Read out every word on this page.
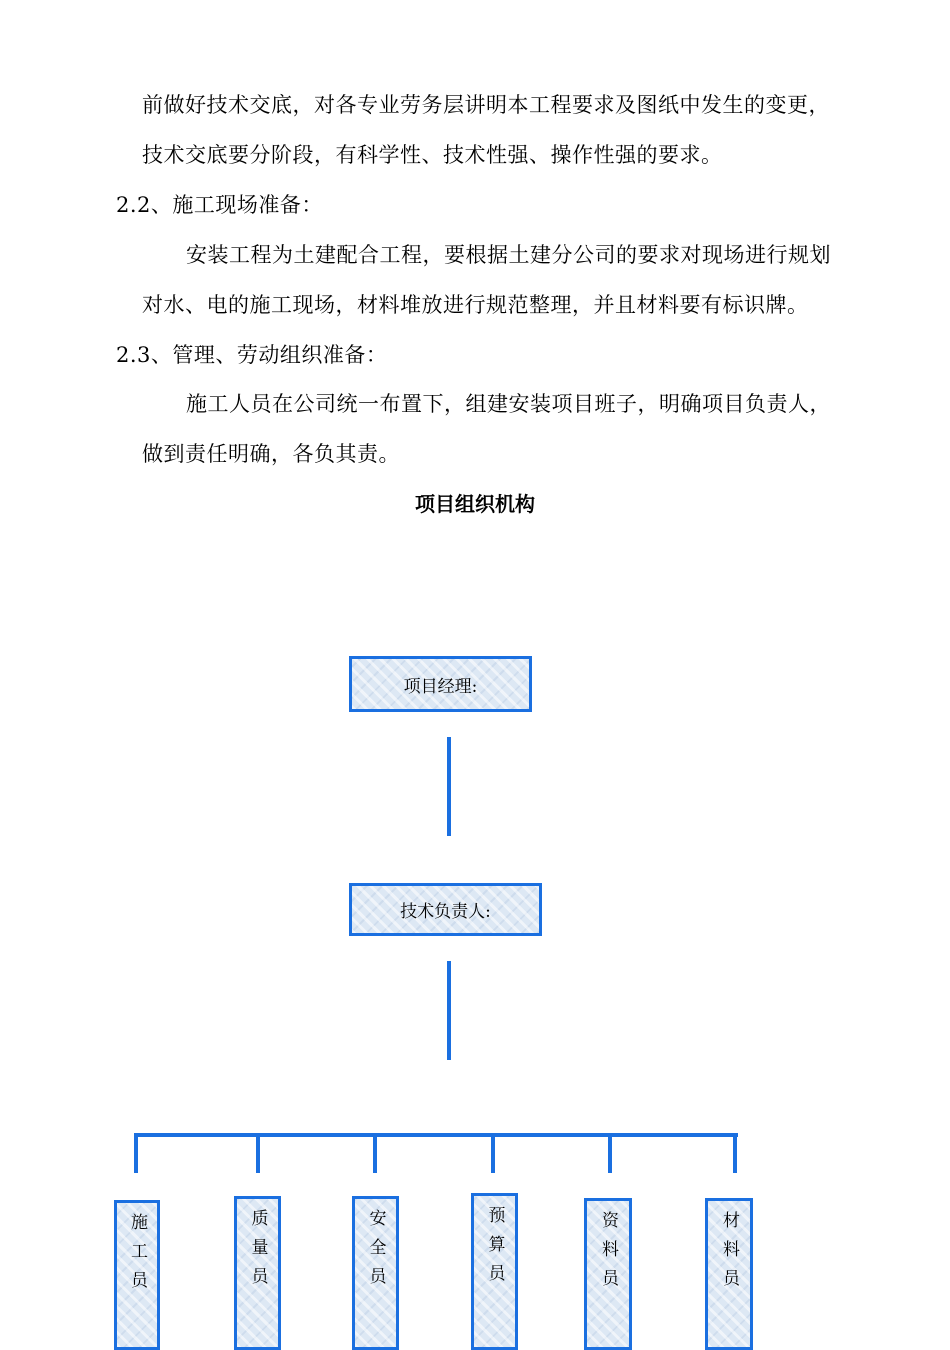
前做好技术交底，对各专业劳务层讲明本工程要求及图纸中发生的变更，
技术交底要分阶段，有科学性、技术性强、操作性强的要求。
2.2、施工现场准备：
安装工程为土建配合工程，要根据土建分公司的要求对现场进行规划
对水、电的施工现场，材料堆放进行规范整理，并且材料要有标识牌。
2.3、管理、劳动组织准备：
施工人员在公司统一布置下，组建安装项目班子，明确项目负责人，
做到责任明确，各负其责。
项目组织机构
项目经理:
技术负责人:
施工员	质量员	安全员	预算员	资料员	材料员
